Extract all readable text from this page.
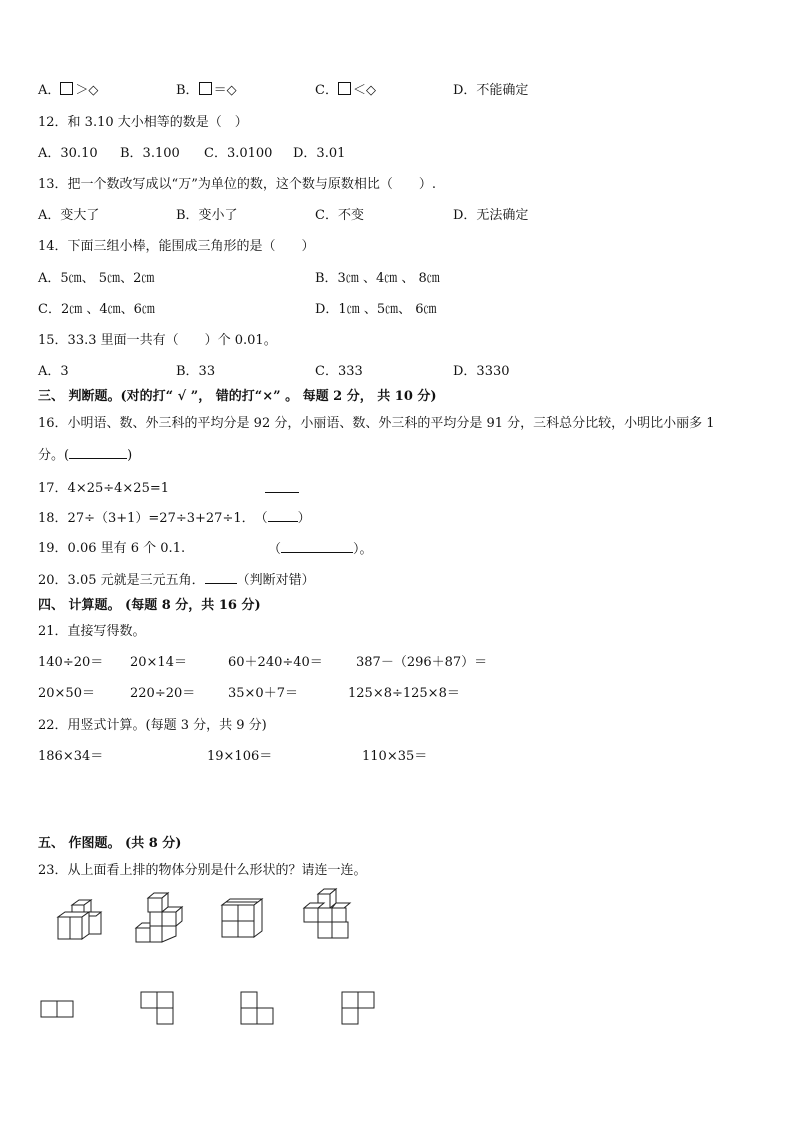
A． ＞◇	B． ＝◇	C． ＜◇	D．不能确定
12．和 3.10 大小相等的数是（　）
A．30.10 B．3.100 C．3.0100 D．3.01
13．把一个数改写成以“万”为单位的数，这个数与原数相比（　　）.
A．变大了	B．变小了	C．不变	D．无法确定
14．下面三组小棒，能围成三角形的是（　　）
A．5㎝、 5㎝、2㎝	B．3㎝ 、4㎝ 、 8㎝
C．2㎝ 、4㎝、6㎝	D．1㎝ 、5㎝、 6㎝
15．33.3 里面一共有（　　）个 0.01。
A．3	B．33	C．333	D．3330
三、 判断题。(对的打“ √ ”， 错的打“×” 。 每题 2 分， 共 10 分)
16．小明语、数、外三科的平均分是 92 分，小丽语、数、外三科的平均分是 91 分，三科总分比较，小明比小丽多 1
分。(	)
17．4×25÷4×25=1
18．27÷（3+1）=27÷3+27÷1．　（ ）
19．0.06 里有 6 个 0.1.	（	）。
20．3.05 元就是三元五角． （判断对错）
四、 计算题。 (每题 8 分，共 16 分)
21．直接写得数。
140÷20＝ 20×14＝	60＋240÷40＝	387－（296＋87）＝
20×50＝	220÷20＝	35×0＋7＝	125×8÷125×8＝
22．用竖式计算。(每题 3 分，共 9 分)
186×34＝	19×106＝	110×35＝
五、 作图题。 (共 8 分)
23．从上面看上排的物体分别是什么形状的？请连一连。
